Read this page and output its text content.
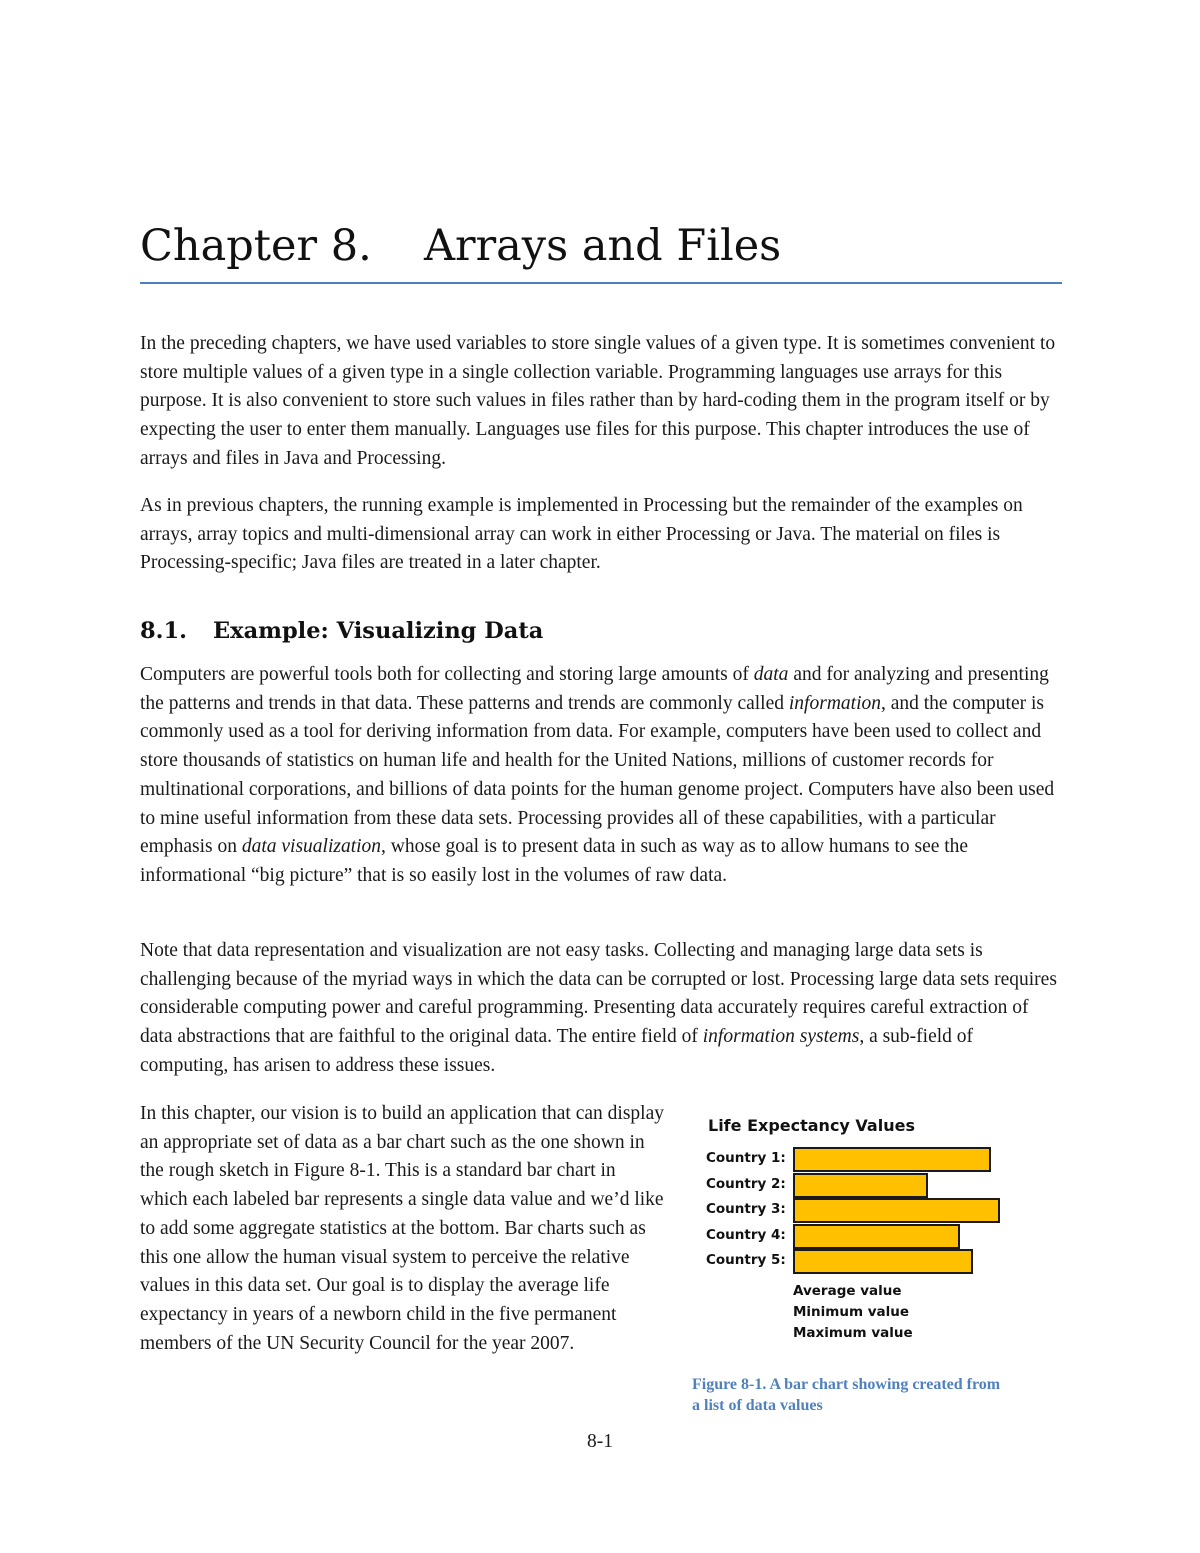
Chapter 8. Arrays and Files

In the preceding chapters, we have used variables to store single values of a given type. It is sometimes convenient to store multiple values of a given type in a single collection variable. Programming languages use arrays for this purpose. It is also convenient to store such values in files rather than by hard-coding them in the program itself or by expecting the user to enter them manually. Languages use files for this purpose. This chapter introduces the use of arrays and files in Java and Processing.

As in previous chapters, the running example is implemented in Processing but the remainder of the examples on arrays, array topics and multi-dimensional array can work in either Processing or Java. The material on files is Processing-specific; Java files are treated in a later chapter.

8.1. Example: Visualizing Data

Computers are powerful tools both for collecting and storing large amounts of data and for analyzing and presenting the patterns and trends in that data. These patterns and trends are commonly called information, and the computer is commonly used as a tool for deriving information from data. For example, computers have been used to collect and store thousands of statistics on human life and health for the United Nations, millions of customer records for multinational corporations, and billions of data points for the human genome project. Computers have also been used to mine useful information from these data sets. Processing provides all of these capabilities, with a particular emphasis on data visualization, whose goal is to present data in such as way as to allow humans to see the informational “big picture” that is so easily lost in the volumes of raw data.

Note that data representation and visualization are not easy tasks. Collecting and managing large data sets is challenging because of the myriad ways in which the data can be corrupted or lost. Processing large data sets requires considerable computing power and careful programming. Presenting data accurately requires careful extraction of data abstractions that are faithful to the original data. The entire field of information systems, a sub-field of computing, has arisen to address these issues.

In this chapter, our vision is to build an application that can display an appropriate set of data as a bar chart such as the one shown in the rough sketch in Figure 8-1. This is a standard bar chart in which each labeled bar represents a single data value and we’d like to add some aggregate statistics at the bottom. Bar charts such as this one allow the human visual system to perceive the relative values in this data set. Our goal is to display the average life expectancy in years of a newborn child in the five permanent members of the UN Security Council for the year 2007.

Life Expectancy Values
Country 1:
Country 2:
Country 3:
Country 4:
Country 5:
Average value
Minimum value
Maximum value

Figure 8-1. A bar chart showing created from a list of data values

8-1
